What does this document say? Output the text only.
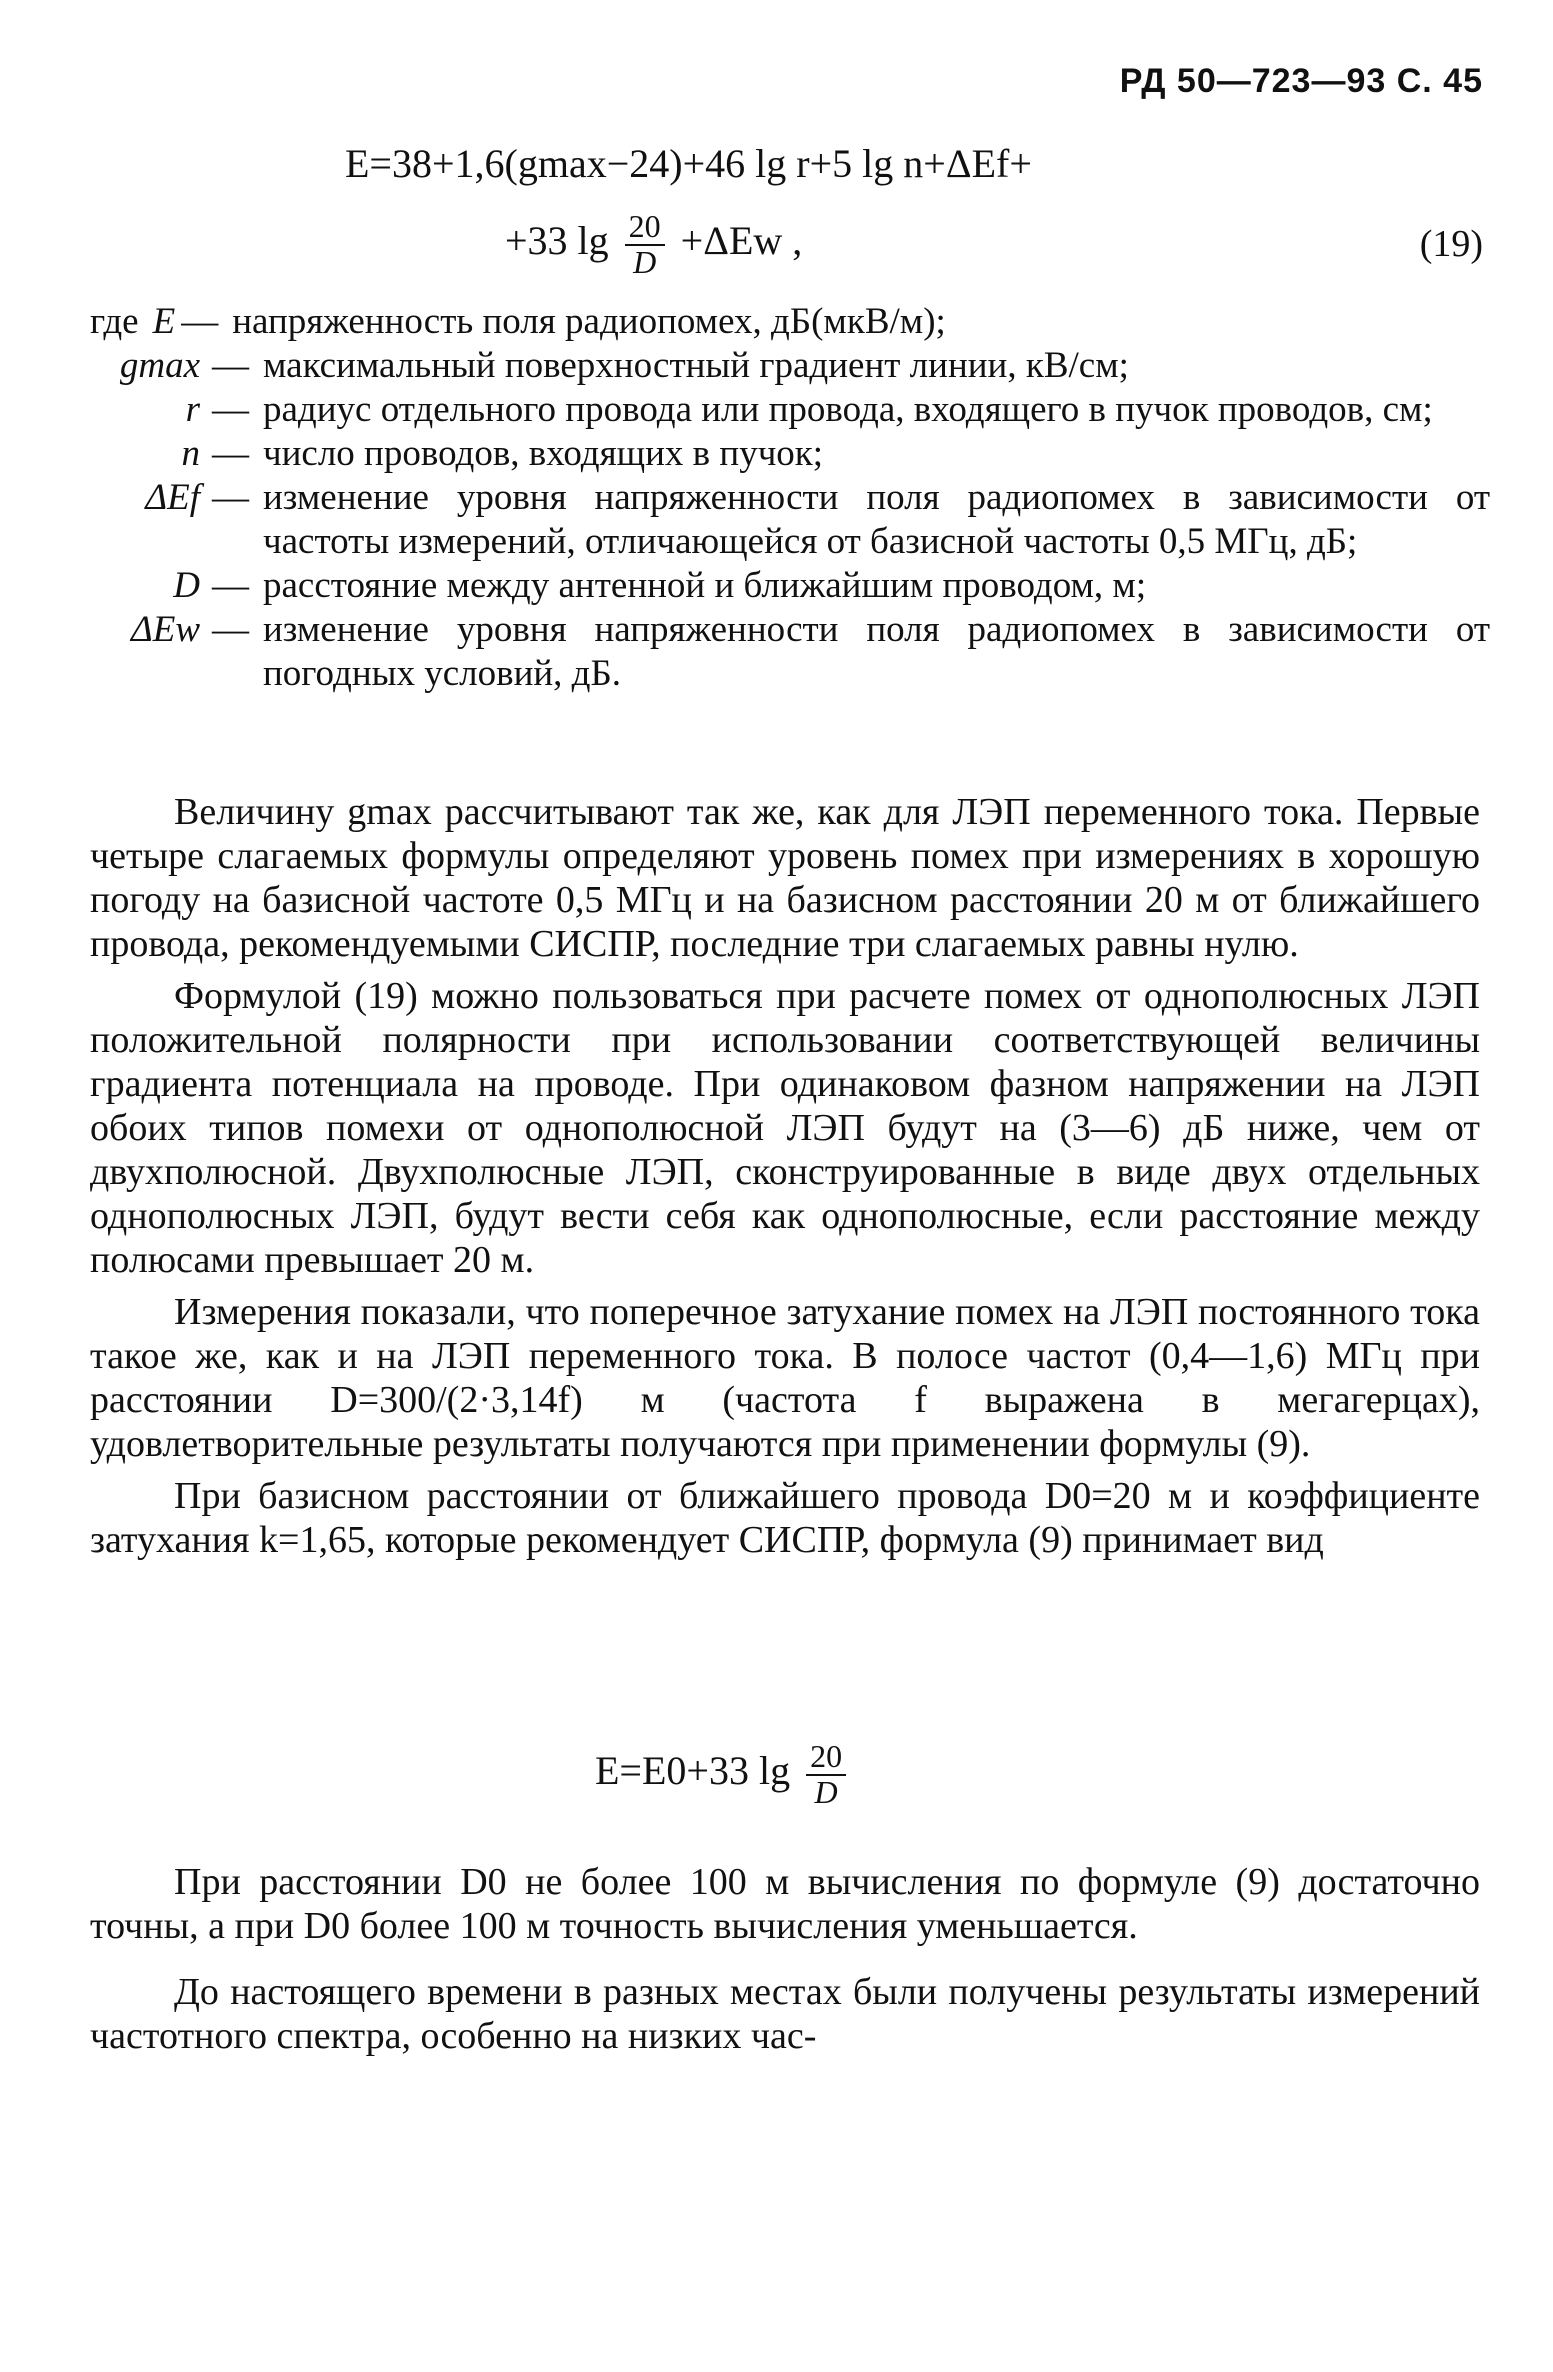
РД 50—723—93 С. 45
E=38+1,6(gmax−24)+46 lg r+5 lg n+ΔEf+
+33 $\lg \frac{20}{D} +\Delta Ew$ ,	(19)
где E — напряженность поля радиопомех, дБ(мкВ/м);
gmax — максимальный поверхностный градиент линии, кВ/см;
r — радиус отдельного провода или провода, входящего в пучок проводов, см;
n — число проводов, входящих в пучок;
ΔEf — изменение уровня напряженности поля радиопомех в зависимости от частоты измерений, отличающейся от базисной частоты 0,5 МГц, дБ;
D — расстояние между антенной и ближайшим проводом, м;
ΔEw — изменение уровня напряженности поля радиопомех в зависимости от погодных условий, дБ.

Величину gmax рассчитывают так же, как для ЛЭП переменного тока. Первые четыре слагаемых формулы определяют уровень помех при измерениях в хорошую погоду на базисной частоте 0,5 МГц и на базисном расстоянии 20 м от ближайшего провода, рекомендуемыми СИСПР, последние три слагаемых равны нулю.

Формулой (19) можно пользоваться при расчете помех от однополюсных ЛЭП положительной полярности при использовании соответствующей величины градиента потенциала на проводе. При одинаковом фазном напряжении на ЛЭП обоих типов помехи от однополюсной ЛЭП будут на (3—6) дБ ниже, чем от двухполюсной. Двухполюсные ЛЭП, сконструированные в виде двух отдельных однополюсных ЛЭП, будут вести себя как однополюсные, если расстояние между полюсами превышает 20 м.

Измерения показали, что поперечное затухание помех на ЛЭП постоянного тока такое же, как и на ЛЭП переменного тока. В полосе частот (0,4—1,6) МГц при расстоянии D=300/(2·3,14f) м (частота f выражена в мегагерцах), удовлетворительные результаты получаются при применении формулы (9).

При базисном расстоянии от ближайшего провода D0=20 м и коэффициенте затухания k=1,65, которые рекомендует СИСПР, формула (9) принимает вид

E=E0+33 $\lg \frac{20}{D}$

При расстоянии D0 не более 100 м вычисления по формуле (9) достаточно точны, а при D0 более 100 м точность вычисления уменьшается.

До настоящего времени в разных местах были получены результаты измерений частотного спектра, особенно на низких час-
